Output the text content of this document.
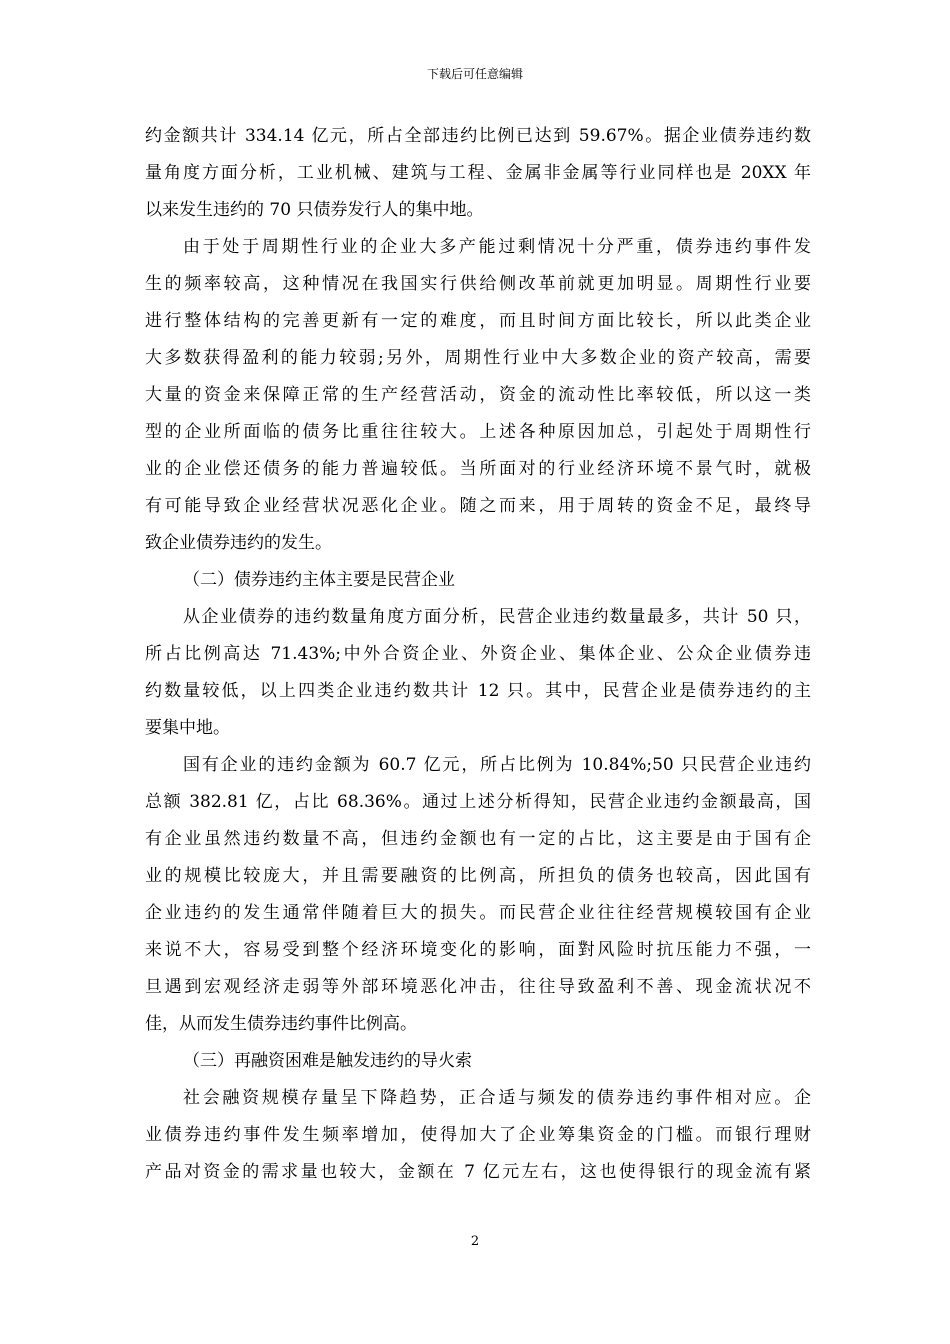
下载后可任意编辑
约金额共计 334.14 亿元，所占全部违约比例已达到 59.67%。据企业债券违约数
量角度方面分析，工业机械、建筑与工程、金属非金属等行业同样也是 20XX 年
以来发生违约的 70 只债券发行人的集中地。
由于处于周期性行业的企业大多产能过剩情况十分严重，债券违约事件发
生的频率较高，这种情况在我国实行供给侧改革前就更加明显。周期性行业要
进行整体结构的完善更新有一定的难度，而且时间方面比较长，所以此类企业
大多数获得盈利的能力较弱;另外，周期性行业中大多数企业的资产较高，需要
大量的资金来保障正常的生产经营活动，资金的流动性比率较低，所以这一类
型的企业所面临的债务比重往往较大。上述各种原因加总，引起处于周期性行
业的企业偿还债务的能力普遍较低。当所面对的行业经济环境不景气时，就极
有可能导致企业经营状况恶化企业。随之而来，用于周转的资金不足，最终导
致企业债券违约的发生。
（二）债券违约主体主要是民营企业
从企业债券的违约数量角度方面分析，民营企业违约数量最多，共计 50 只，
所占比例高达 71.43%;中外合资企业、外资企业、集体企业、公众企业债券违
约数量较低，以上四类企业违约数共计 12 只。其中，民营企业是债券违约的主
要集中地。
国有企业的违约金额为 60.7 亿元，所占比例为 10.84%;50 只民营企业违约
总额 382.81 亿，占比 68.36%。通过上述分析得知，民营企业违约金额最高，国
有企业虽然违约数量不高，但违约金额也有一定的占比，这主要是由于国有企
业的规模比较庞大，并且需要融资的比例高，所担负的债务也较高，因此国有
企业违约的发生通常伴随着巨大的损失。而民营企业往往经营规模较国有企业
来说不大，容易受到整个经济环境变化的影响，面對风险时抗压能力不强，一
旦遇到宏观经济走弱等外部环境恶化冲击，往往导致盈利不善、现金流状况不
佳，从而发生债券违约事件比例高。
（三）再融资困难是触发违约的导火索
社会融资规模存量呈下降趋势，正合适与频发的债券违约事件相对应。企
业债券违约事件发生频率增加，使得加大了企业筹集资金的门槛。而银行理财
产品对资金的需求量也较大，金额在 7 亿元左右，这也使得银行的现金流有紧
2
